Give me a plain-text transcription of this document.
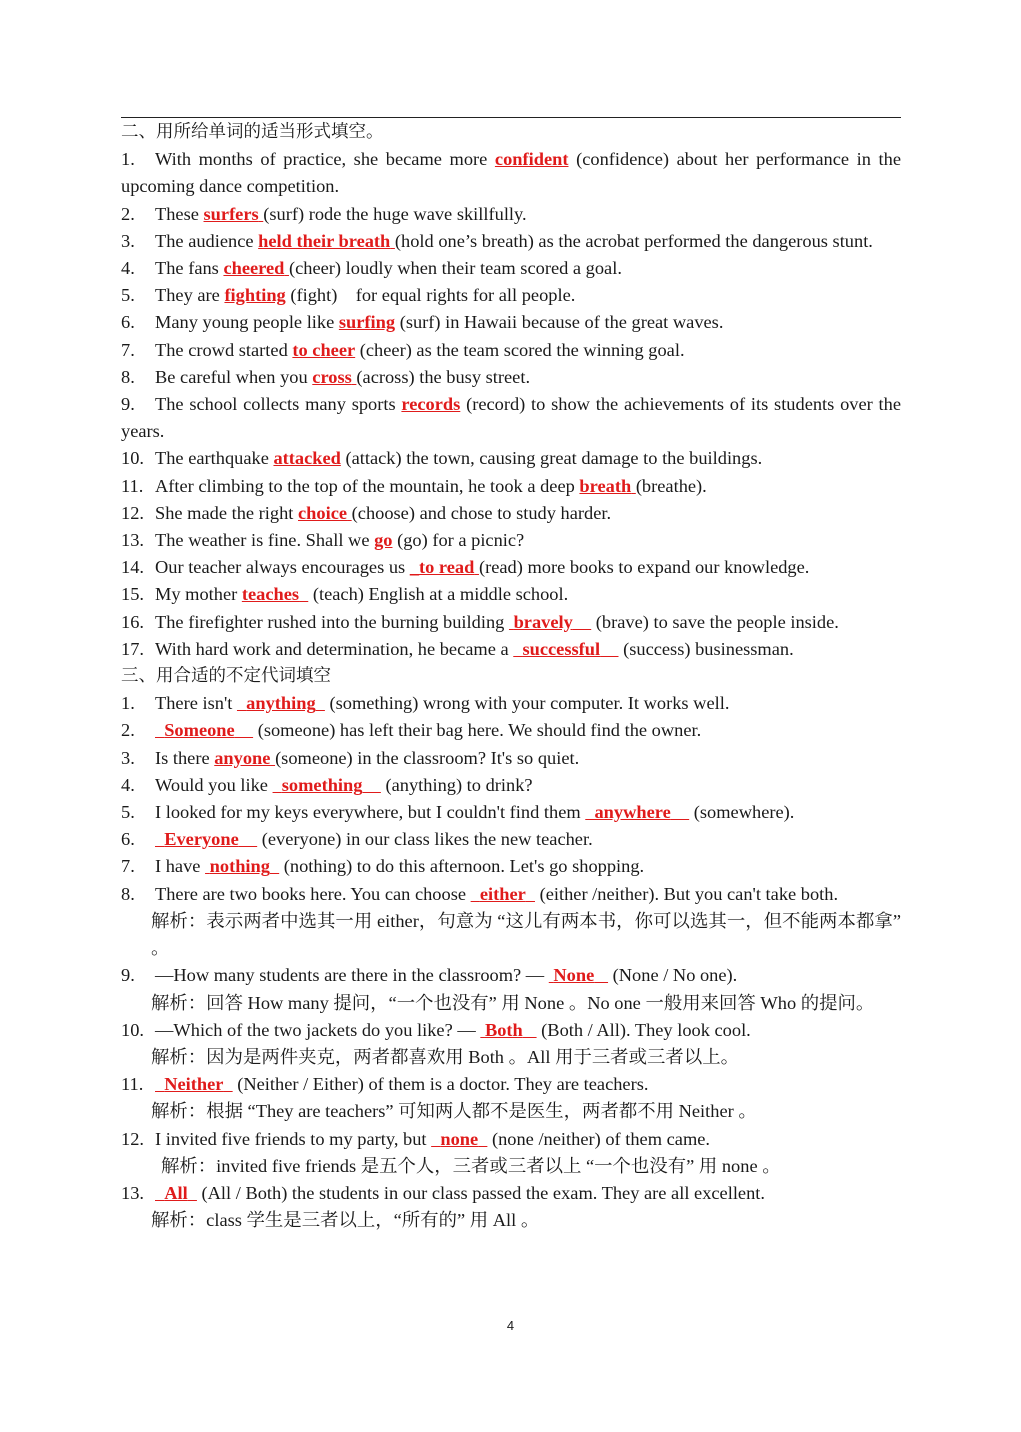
二、用所给单词的适当形式填空。
1. With months of practice, she became more confident (confidence) about her performance in the upcoming dance competition.
2. These surfers (surf) rode the huge wave skillfully.
3. The audience held their breath (hold one’s breath) as the acrobat performed the dangerous stunt.
4. The fans cheered (cheer) loudly when their team scored a goal.
5. They are fighting (fight)    for equal rights for all people.
6. Many young people like surfing (surf) in Hawaii because of the great waves.
7. The crowd started to cheer (cheer) as the team scored the winning goal.
8. Be careful when you cross (across) the busy street.
9. The school collects many sports records (record) to show the achievements of its students over the years.
10. The earthquake attacked (attack) the town, causing great damage to the buildings.
11. After climbing to the top of the mountain, he took a deep breath (breathe).
12. She made the right choice (choose) and chose to study harder.
13. The weather is fine. Shall we go (go) for a picnic?
14. Our teacher always encourages us _to read (read) more books to expand our knowledge.
15. My mother teaches   (teach) English at a middle school.
16. The firefighter rushed into the burning building  bravely     (brave) to save the people inside.
17. With hard work and determination, he became a   successful     (success) businessman.
三、用合适的不定代词填空
1. There isn't   anything   (something) wrong with your computer. It works well.
2. Someone     (someone) has left their bag here. We should find the owner.
3. Is there anyone (someone) in the classroom? It's so quiet.
4. Would you like   something     (anything) to drink?
5. I looked for my keys everywhere, but I couldn't find them   anywhere     (somewhere).
6. Everyone     (everyone) in our class likes the new teacher.
7. I have  nothing   (nothing) to do this afternoon. Let's go shopping.
8. There are two books here. You can choose   either   (either /neither). But you can't take both.
解析：表示两者中选其一用 either，句意为 “这儿有两本书，你可以选其一，但不能两本都拿” 。
9. —How many students are there in the classroom? —  None    (None / No one).
解析：回答 How many 提问，“一个也没有” 用 None 。No one 一般用来回答 Who 的提问。
10. —Which of the two jackets do you like? —  Both    (Both / All). They look cool.
解析：因为是两件夹克，两者都喜欢用 Both 。All 用于三者或三者以上。
11. Neither   (Neither / Either) of them is a doctor. They are teachers.
解析：根据 “They are teachers” 可知两人都不是医生，两者都不用 Neither 。
12. I invited five friends to my party, but   none   (none /neither) of them came.
解析：invited five friends 是五个人，三者或三者以上 “一个也没有” 用 none 。
13. All   (All / Both) the students in our class passed the exam. They are all excellent.
解析：class 学生是三者以上，“所有的” 用 All 。
4
